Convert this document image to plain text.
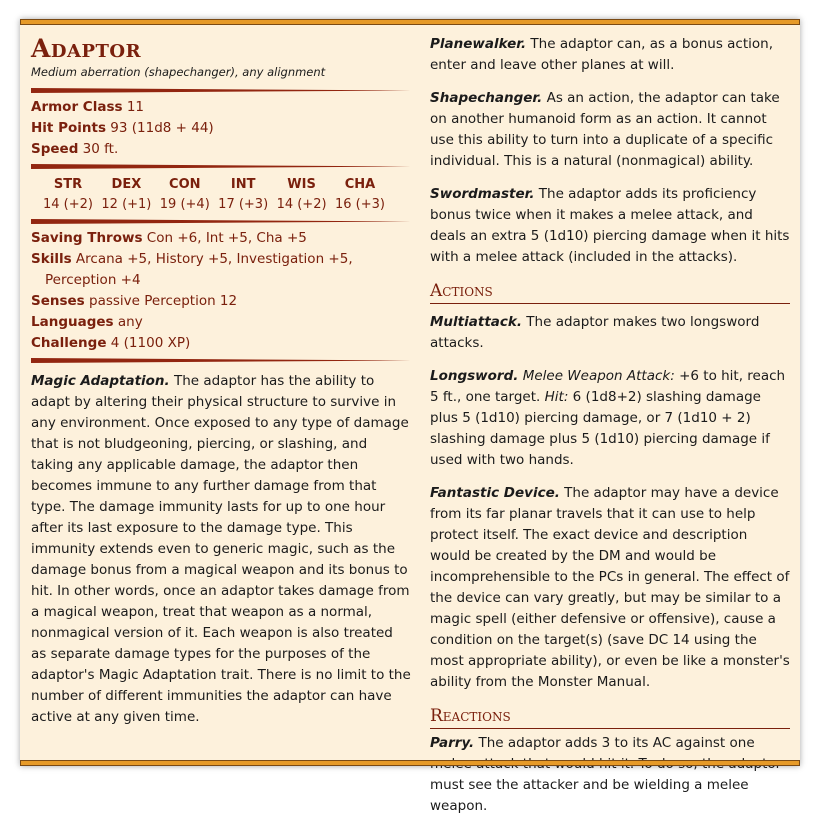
Adaptor

Medium aberration (shapechanger), any alignment

Armor Class 11

Hit Points 93 (11d8 + 44)

Speed 30 ft.

STR
14 (+2)
DEX
12 (+1)
CON
19 (+4)
INT
17 (+3)
WIS
14 (+2)
CHA
16 (+3)

Saving Throws Con +6, Int +5, Cha +5

Skills Arcana +5, History +5, Investigation +5, Perception +4

Senses passive Perception 12

Languages any

Challenge 4 (1100 XP)

Magic Adaptation. The adaptor has the ability to adapt by altering their physical structure to survive in any environment. Once exposed to any type of damage that is not bludgeoning, piercing, or slashing, and taking any applicable damage, the adaptor then becomes immune to any further damage from that type. The damage immunity lasts for up to one hour after its last exposure to the damage type. This immunity extends even to generic magic, such as the damage bonus from a magical weapon and its bonus to hit. In other words, once an adaptor takes damage from a magical weapon, treat that weapon as a normal, nonmagical version of it. Each weapon is also treated as separate damage types for the purposes of the adaptor's Magic Adaptation trait. There is no limit to the number of different immunities the adaptor can have active at any given time.

Planewalker. The adaptor can, as a bonus action, enter and leave other planes at will.

Shapechanger. As an action, the adaptor can take on another humanoid form as an action. It cannot use this ability to turn into a duplicate of a specific individual. This is a natural (nonmagical) ability.

Swordmaster. The adaptor adds its proficiency bonus twice when it makes a melee attack, and deals an extra 5 (1d10) piercing damage when it hits with a melee attack (included in the attacks).

Actions

Multiattack. The adaptor makes two longsword attacks.

Longsword. Melee Weapon Attack: +6 to hit, reach 5 ft., one target. Hit: 6 (1d8+2) slashing damage plus 5 (1d10) piercing damage, or 7 (1d10 + 2) slashing damage plus 5 (1d10) piercing damage if used with two hands.

Fantastic Device. The adaptor may have a device from its far planar travels that it can use to help protect itself. The exact device and description would be created by the DM and would be incomprehensible to the PCs in general. The effect of the device can vary greatly, but may be similar to a magic spell (either defensive or offensive), cause a condition on the target(s) (save DC 14 using the most appropriate ability), or even be like a monster's ability from the Monster Manual.

Reactions

Parry. The adaptor adds 3 to its AC against one must see the attacker and be wielding a melee weapon.
